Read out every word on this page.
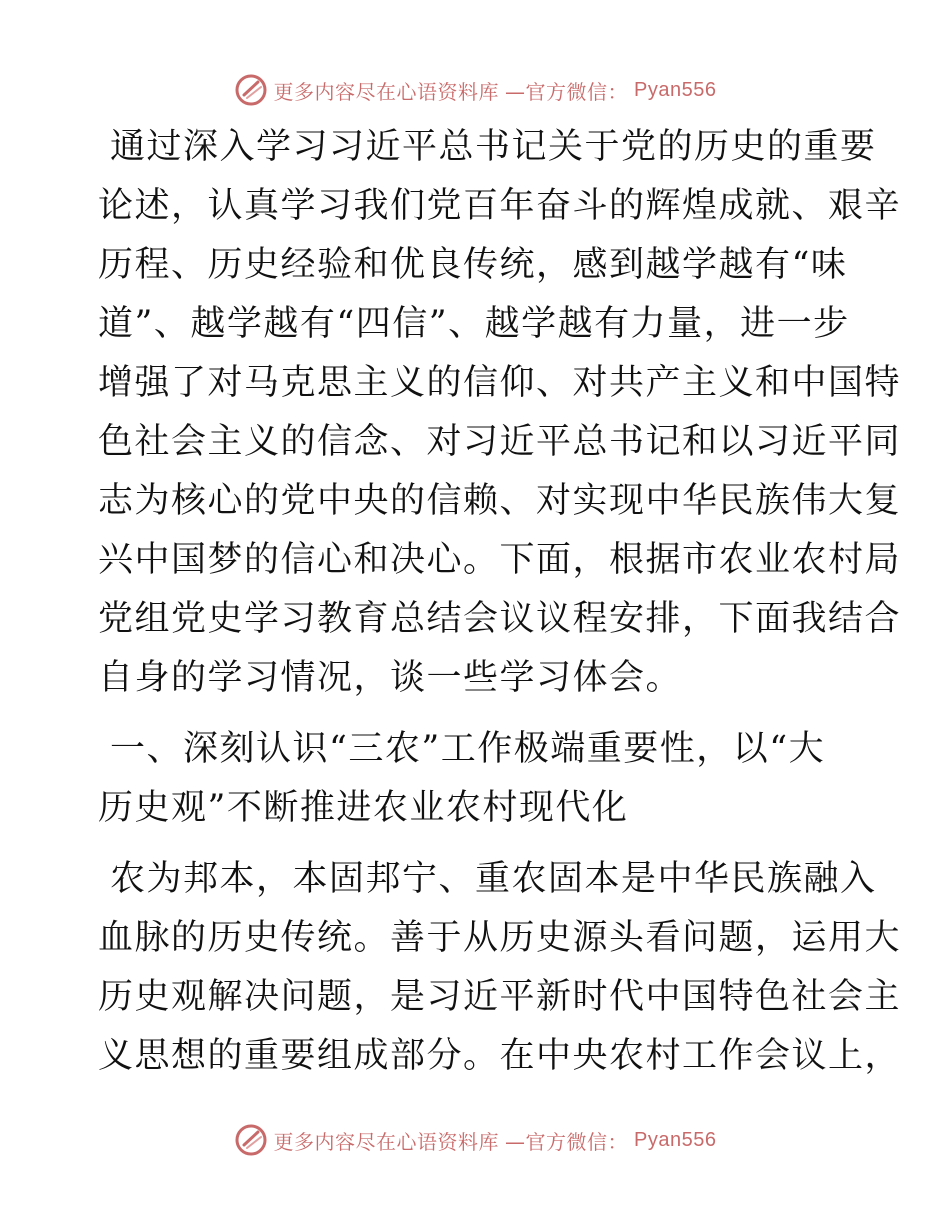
更多内容尽在心语资料库 —官方微信： Pyan556

通过深入学习习近平总书记关于党的历史的重要
论述，认真学习我们党百年奋斗的辉煌成就、艰辛
历程、历史经验和优良传统，感到越学越有“味
道”、越学越有“四信”、越学越有力量，进一步
增强了对马克思主义的信仰、对共产主义和中国特
色社会主义的信念、对习近平总书记和以习近平同
志为核心的党中央的信赖、对实现中华民族伟大复
兴中国梦的信心和决心。下面，根据市农业农村局
党组党史学习教育总结会议议程安排，下面我结合
自身的学习情况，谈一些学习体会。

一、深刻认识“三农”工作极端重要性，以“大
历史观”不断推进农业农村现代化

农为邦本，本固邦宁、重农固本是中华民族融入
血脉的历史传统。善于从历史源头看问题，运用大
历史观解决问题，是习近平新时代中国特色社会主
义思想的重要组成部分。在中央农村工作会议上，

更多内容尽在心语资料库 —官方微信： Pyan556
